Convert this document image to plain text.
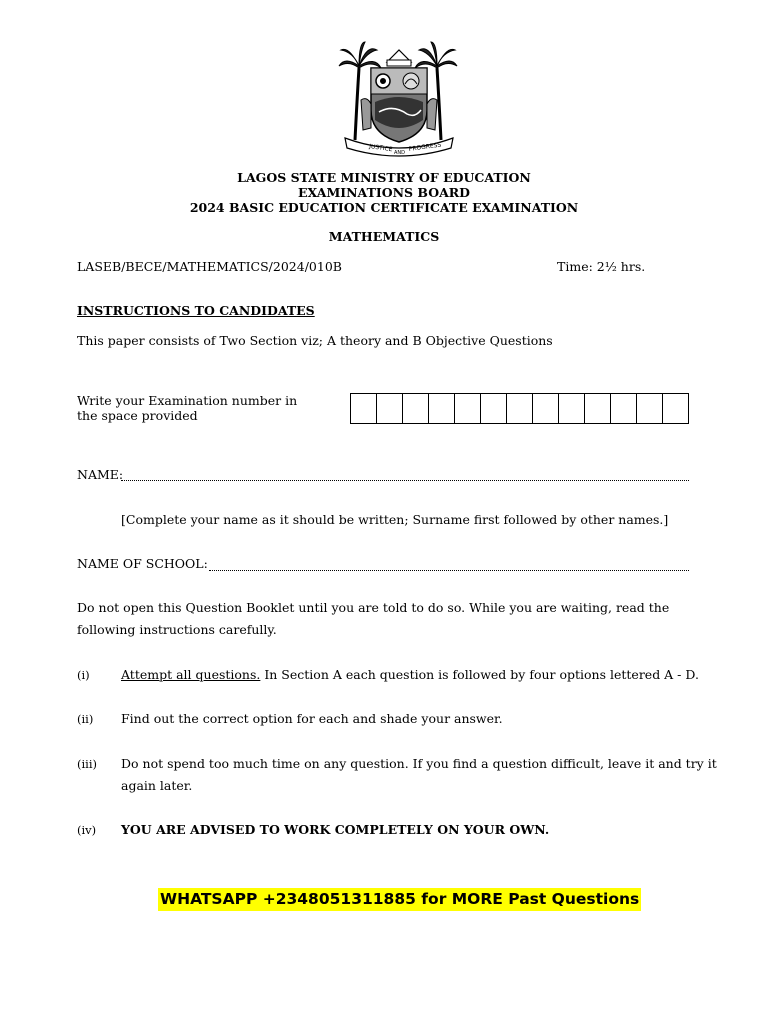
JUSTICE AND
PROGRESS
LAGOS STATE MINISTRY OF EDUCATION
EXAMINATIONS BOARD
2024 BASIC EDUCATION CERTIFICATE EXAMINATION
MATHEMATICS
LASEB/BECE/MATHEMATICS/2024/010B	Time: 2½ hrs.
INSTRUCTIONS TO CANDIDATES
This paper consists of Two Section viz; A theory and B Objective Questions
Write your Examination number in
the space provided
NAME:
[Complete your name as it should be written; Surname first followed by other names.]
NAME OF SCHOOL:
Do not open this Question Booklet until you are told to do so. While you are waiting, read the following instructions carefully.
(i)	Attempt all questions. In Section A each question is followed by four options lettered A - D.
(ii) Find out the correct option for each and shade your answer.
(iii) Do not spend too much time on any question. If you find a question difficult, leave it and try it again later.
(iv) YOU ARE ADVISED TO WORK COMPLETELY ON YOUR OWN.
WHATSAPP +2348051311885 for MORE Past Questions
